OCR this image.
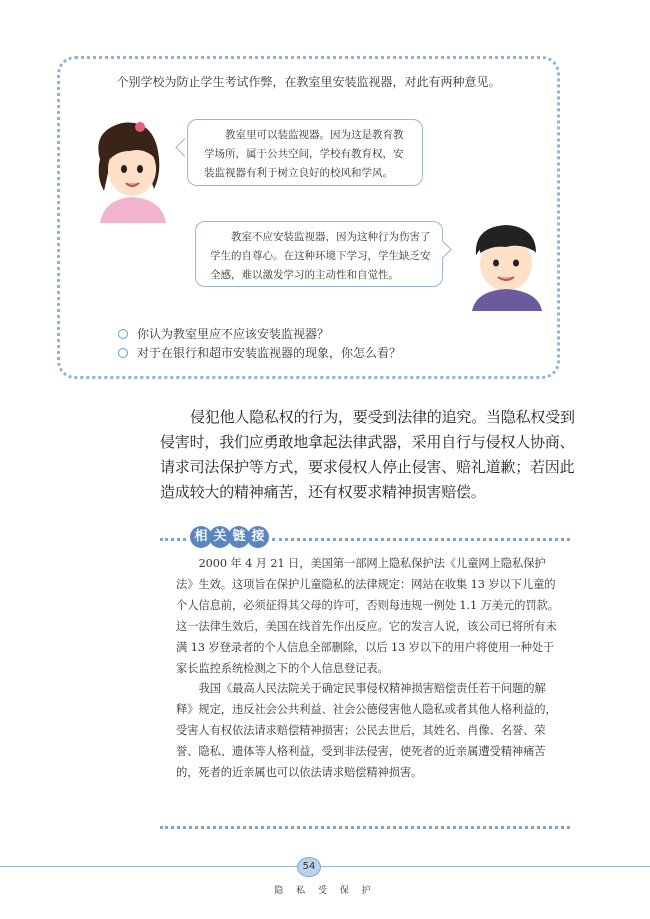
个别学校为防止学生考试作弊，在教室里安装监视器，对此有两种意见。
教室里可以装监视器。因为这是教育教学场所，属于公共空间，学校有教育权，安装监视器有利于树立良好的校风和学风。
教室不应安装监视器，因为这种行为伤害了学生的自尊心。在这种环境下学习，学生缺乏安全感，难以激发学习的主动性和自觉性。
你认为教室里应不应该安装监视器？
对于在银行和超市安装监视器的现象，你怎么看？
侵犯他人隐私权的行为，要受到法律的追究。当隐私权受到侵害时，我们应勇敢地拿起法律武器，采用自行与侵权人协商、请求司法保护等方式，要求侵权人停止侵害、赔礼道歉；若因此造成较大的精神痛苦，还有权要求精神损害赔偿。
相 关 链 接

2000 年 4 月 21 日，美国第一部网上隐私保护法《儿童网上隐私保护法》生效。这项旨在保护儿童隐私的法律规定：网站在收集 13 岁以下儿童的个人信息前，必须征得其父母的许可，否则每违规一例处 1.1 万美元的罚款。这一法律生效后，美国在线首先作出反应。它的发言人说，该公司已将所有未满 13 岁登录者的个人信息全部删除，以后 13 岁以下的用户将使用一种处于家长监控系统检测之下的个人信息登记表。

我国《最高人民法院关于确定民事侵权精神损害赔偿责任若干问题的解释》规定，违反社会公共利益、社会公德侵害他人隐私或者其他人格利益的，受害人有权依法请求赔偿精神损害；公民去世后，其姓名、肖像、名誉、荣誉、隐私、遗体等人格利益，受到非法侵害，使死者的近亲属遭受精神痛苦的，死者的近亲属也可以依法请求赔偿精神损害。

54
隐 私 受 保 护
